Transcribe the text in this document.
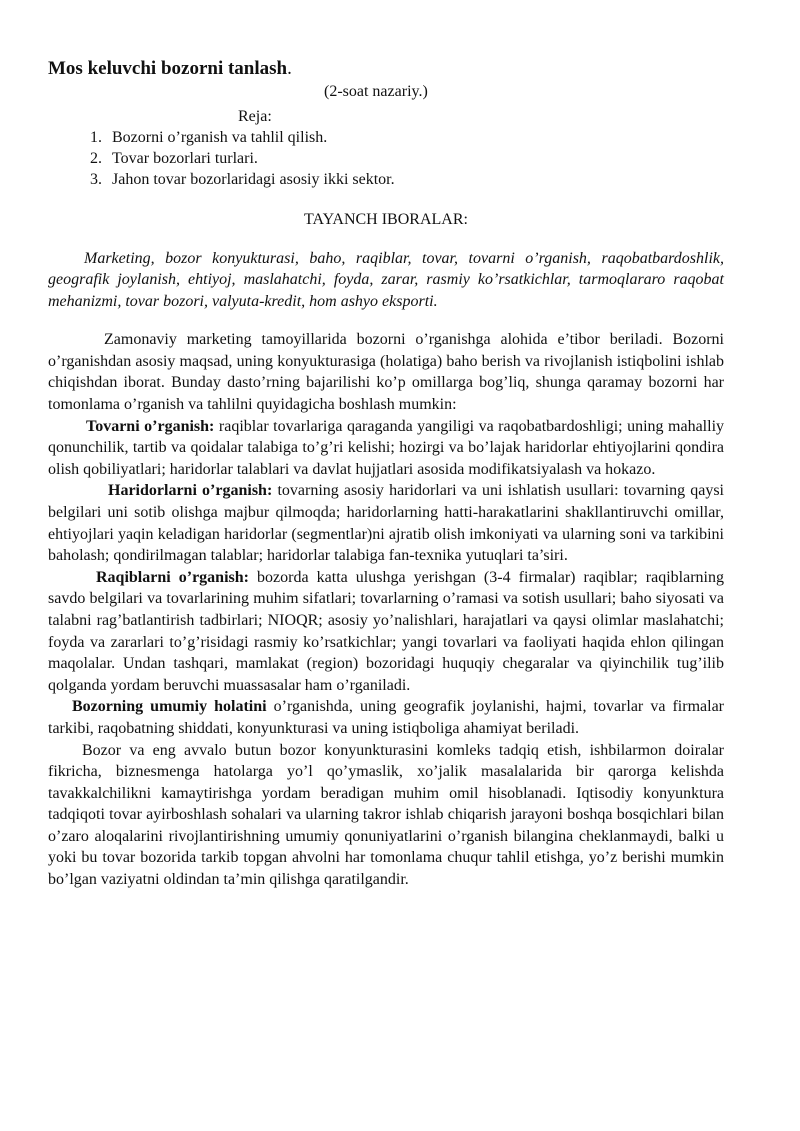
Mos keluvchi bozorni tanlash.
(2-soat nazariy.)
Reja:
1. Bozorni o’rganish va tahlil qilish.
2. Tovar bozorlari turlari.
3. Jahon tovar bozorlaridagi asosiy ikki sektor.
TAYANCH IBORALAR:

Marketing, bozor konyukturasi, baho, raqiblar, tovar, tovarni o’rganish, raqobatbardoshlik, geografik joylanish, ehtiyoj, maslahatchi, foyda, zarar, rasmiy ko’rsatkichlar, tarmoqlararo raqobat mehanizmi, tovar bozori, valyuta-kredit, hom ashyo eksporti.

Zamonaviy marketing tamoyillarida bozorni o’rganishga alohida e’tibor beriladi. Bozorni o’rganishdan asosiy maqsad, uning konyukturasiga (holatiga) baho berish va rivojlanish istiqbolini ishlab chiqishdan iborat. Bunday dasto’rning bajarilishi ko’p omillarga bog’liq, shunga qaramay bozorni har tomonlama o’rganish va tahlilni quyidagicha boshlash mumkin:

Tovarni o’rganish: raqiblar tovarlariga qaraganda yangiligi va raqobatbardoshligi; uning mahalliy qonunchilik, tartib va qoidalar talabiga to’g’ri kelishi; hozirgi va bo’lajak haridorlar ehtiyojlarini qondira olish qobiliyatlari; haridorlar talablari va davlat hujjatlari asosida modifikatsiyalash va hokazo.

Haridorlarni o’rganish: tovarning asosiy haridorlari va uni ishlatish usullari: tovarning qaysi belgilari uni sotib olishga majbur qilmoqda; haridorlarning hatti-harakatlarini shakllantiruvchi omillar, ehtiyojlari yaqin keladigan haridorlar (segmentlar)ni ajratib olish imkoniyati va ularning soni va tarkibini baholash; qondirilmagan talablar; haridorlar talabiga fan-texnika yutuqlari ta’siri.

Raqiblarni o’rganish: bozorda katta ulushga yerishgan (3-4 firmalar) raqiblar; raqiblarning savdo belgilari va tovarlarining muhim sifatlari; tovarlarning o’ramasi va sotish usullari; baho siyosati va talabni rag’batlantirish tadbirlari; NIOQR; asosiy yo’nalishlari, harajatlari va qaysi olimlar maslahatchi; foyda va zararlari to’g’risidagi rasmiy ko’rsatkichlar; yangi tovarlari va faoliyati haqida ehlon qilingan maqolalar. Undan tashqari, mamlakat (region) bozoridagi huquqiy chegaralar va qiyinchilik tug’ilib qolganda yordam beruvchi muassasalar ham o’rganiladi.

Bozorning umumiy holatini o’rganishda, uning geografik joylanishi, hajmi, tovarlar va firmalar tarkibi, raqobatning shiddati, konyunkturasi va uning istiqboliga ahamiyat beriladi.

Bozor va eng avvalo butun bozor konyunkturasini komleks tadqiq etish, ishbilarmon doiralar fikricha, biznesmenga hatolarga yo’l qo’ymaslik, xo’jalik masalalarida bir qarorga kelishda tavakkalchilikni kamaytirishga yordam beradigan muhim omil hisoblanadi. Iqtisodiy konyunktura tadqiqoti tovar ayirboshlash sohalari va ularning takror ishlab chiqarish jarayoni boshqa bosqichlari bilan o’zaro aloqalarini rivojlantirishning umumiy qonuniyatlarini o’rganish bilangina cheklanmaydi, balki u yoki bu tovar bozorida tarkib topgan ahvolni har tomonlama chuqur tahlil etishga, yo’z berishi mumkin bo’lgan vaziyatni oldindan ta’min qilishga qaratilgandir.
